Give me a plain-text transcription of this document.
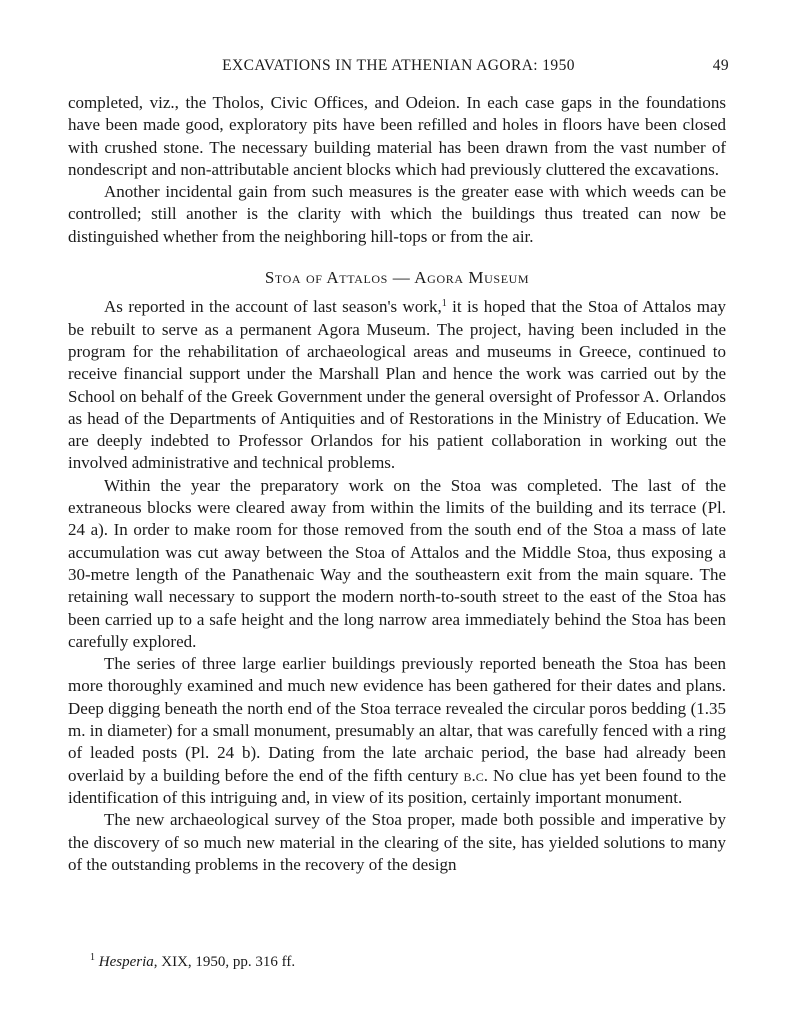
EXCAVATIONS IN THE ATHENIAN AGORA: 1950	49

completed, viz., the Tholos, Civic Offices, and Odeion. In each case gaps in the foundations have been made good, exploratory pits have been refilled and holes in floors have been closed with crushed stone. The necessary building material has been drawn from the vast number of nondescript and non-attributable ancient blocks which had previously cluttered the excavations.

Another incidental gain from such measures is the greater ease with which weeds can be controlled; still another is the clarity with which the buildings thus treated can now be distinguished whether from the neighboring hill-tops or from the air.

Stoa of Attalos — Agora Museum

As reported in the account of last season's work,$^1$ it is hoped that the Stoa of Attalos may be rebuilt to serve as a permanent Agora Museum. The project, having been included in the program for the rehabilitation of archaeological areas and museums in Greece, continued to receive financial support under the Marshall Plan and hence the work was carried out by the School on behalf of the Greek Government under the general oversight of Professor A. Orlandos as head of the Departments of Antiquities and of Restorations in the Ministry of Education. We are deeply indebted to Professor Orlandos for his patient collaboration in working out the involved administrative and technical problems.

Within the year the preparatory work on the Stoa was completed. The last of the extraneous blocks were cleared away from within the limits of the building and its terrace (Pl. 24 a). In order to make room for those removed from the south end of the Stoa a mass of late accumulation was cut away between the Stoa of Attalos and the Middle Stoa, thus exposing a 30-metre length of the Panathenaic Way and the southeastern exit from the main square. The retaining wall necessary to support the modern north-to-south street to the east of the Stoa has been carried up to a safe height and the long narrow area immediately behind the Stoa has been carefully explored.

The series of three large earlier buildings previously reported beneath the Stoa has been more thoroughly examined and much new evidence has been gathered for their dates and plans. Deep digging beneath the north end of the Stoa terrace revealed the circular poros bedding (1.35 m. in diameter) for a small monument, presumably an altar, that was carefully fenced with a ring of leaded posts (Pl. 24 b). Dating from the late archaic period, the base had already been overlaid by a building before the end of the fifth century b.c. No clue has yet been found to the identification of this intriguing and, in view of its position, certainly important monument.

The new archaeological survey of the Stoa proper, made both possible and imperative by the discovery of so much new material in the clearing of the site, has yielded solutions to many of the outstanding problems in the recovery of the design

$^1$ Hesperia, XIX, 1950, pp. 316 ff.
